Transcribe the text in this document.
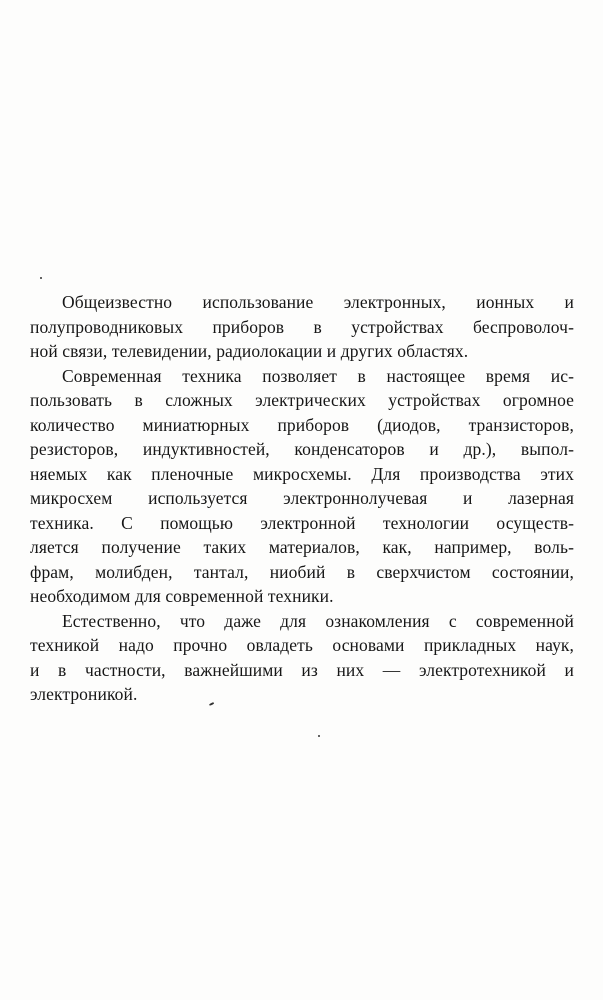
Общеизвестно использование электронных, ионных и
полупроводниковых приборов в устройствах беспроволоч-
ной связи, телевидении, радиолокации и других областях.
Современная техника позволяет в настоящее время ис-
пользовать в сложных электрических устройствах огромное
количество миниатюрных приборов (диодов, транзисторов,
резисторов, индуктивностей, конденсаторов и др.), выпол-
няемых как пленочные микросхемы. Для производства этих
микросхем используется электроннолучевая и лазерная
техника. С помощью электронной технологии осуществ-
ляется получение таких материалов, как, например, воль-
фрам, молибден, тантал, ниобий в сверхчистом состоянии,
необходимом для современной техники.
Естественно, что даже для ознакомления с современной
техникой надо прочно овладеть основами прикладных наук,
и в частности, важнейшими из них — электротехникой и
электроникой.
